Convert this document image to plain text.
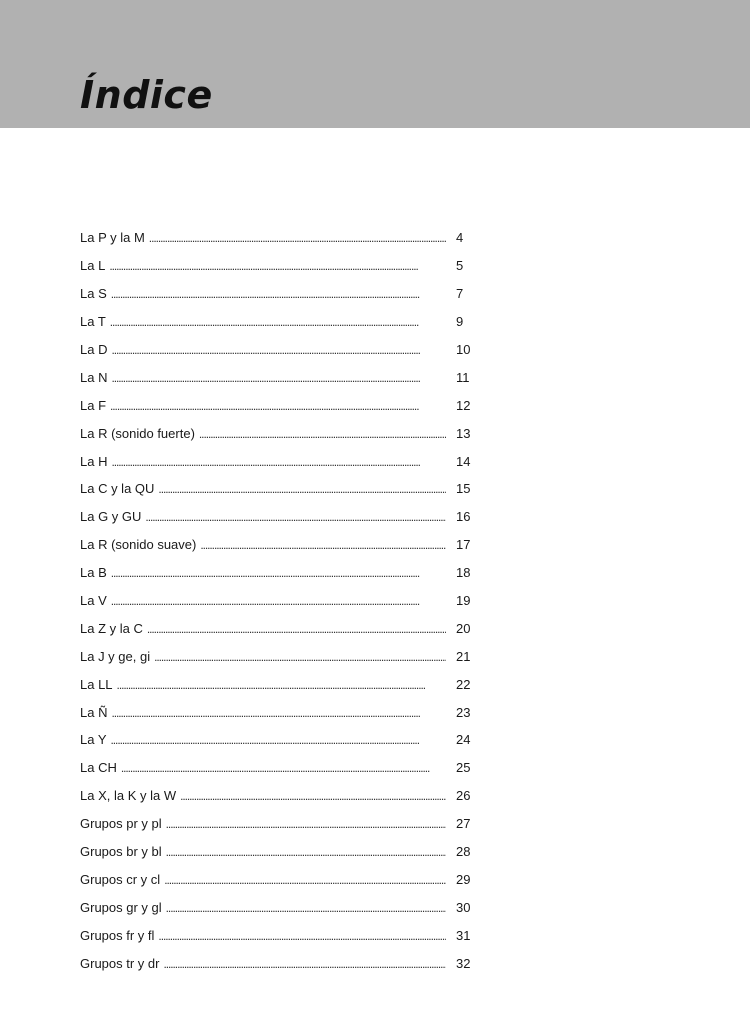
Índice
La P y la M . . .	4
La L . . .	5
La S . . .	7
La T . . .	9
La D . . .	10
La N . . .	11
La F . . .	12
La R (sonido fuerte) . . .	13
La H . . .	14
La C y la QU . . .	15
La G y GU . . .	16
La R (sonido suave) . . .	17
La B . . .	18
La V . . .	19
La Z y la C . . .	20
La J y ge, gi . . .	21
La LL . . .	22
La Ñ . . .	23
La Y . . .	24
La CH . . .	25
La X, la K y la W . . .	26
Grupos pr y pl . . .	27
Grupos br y bl . . .	28
Grupos cr y cl . . .	29
Grupos gr y gl . . .	30
Grupos fr y fl . . .	31
Grupos tr y dr . . .	32
